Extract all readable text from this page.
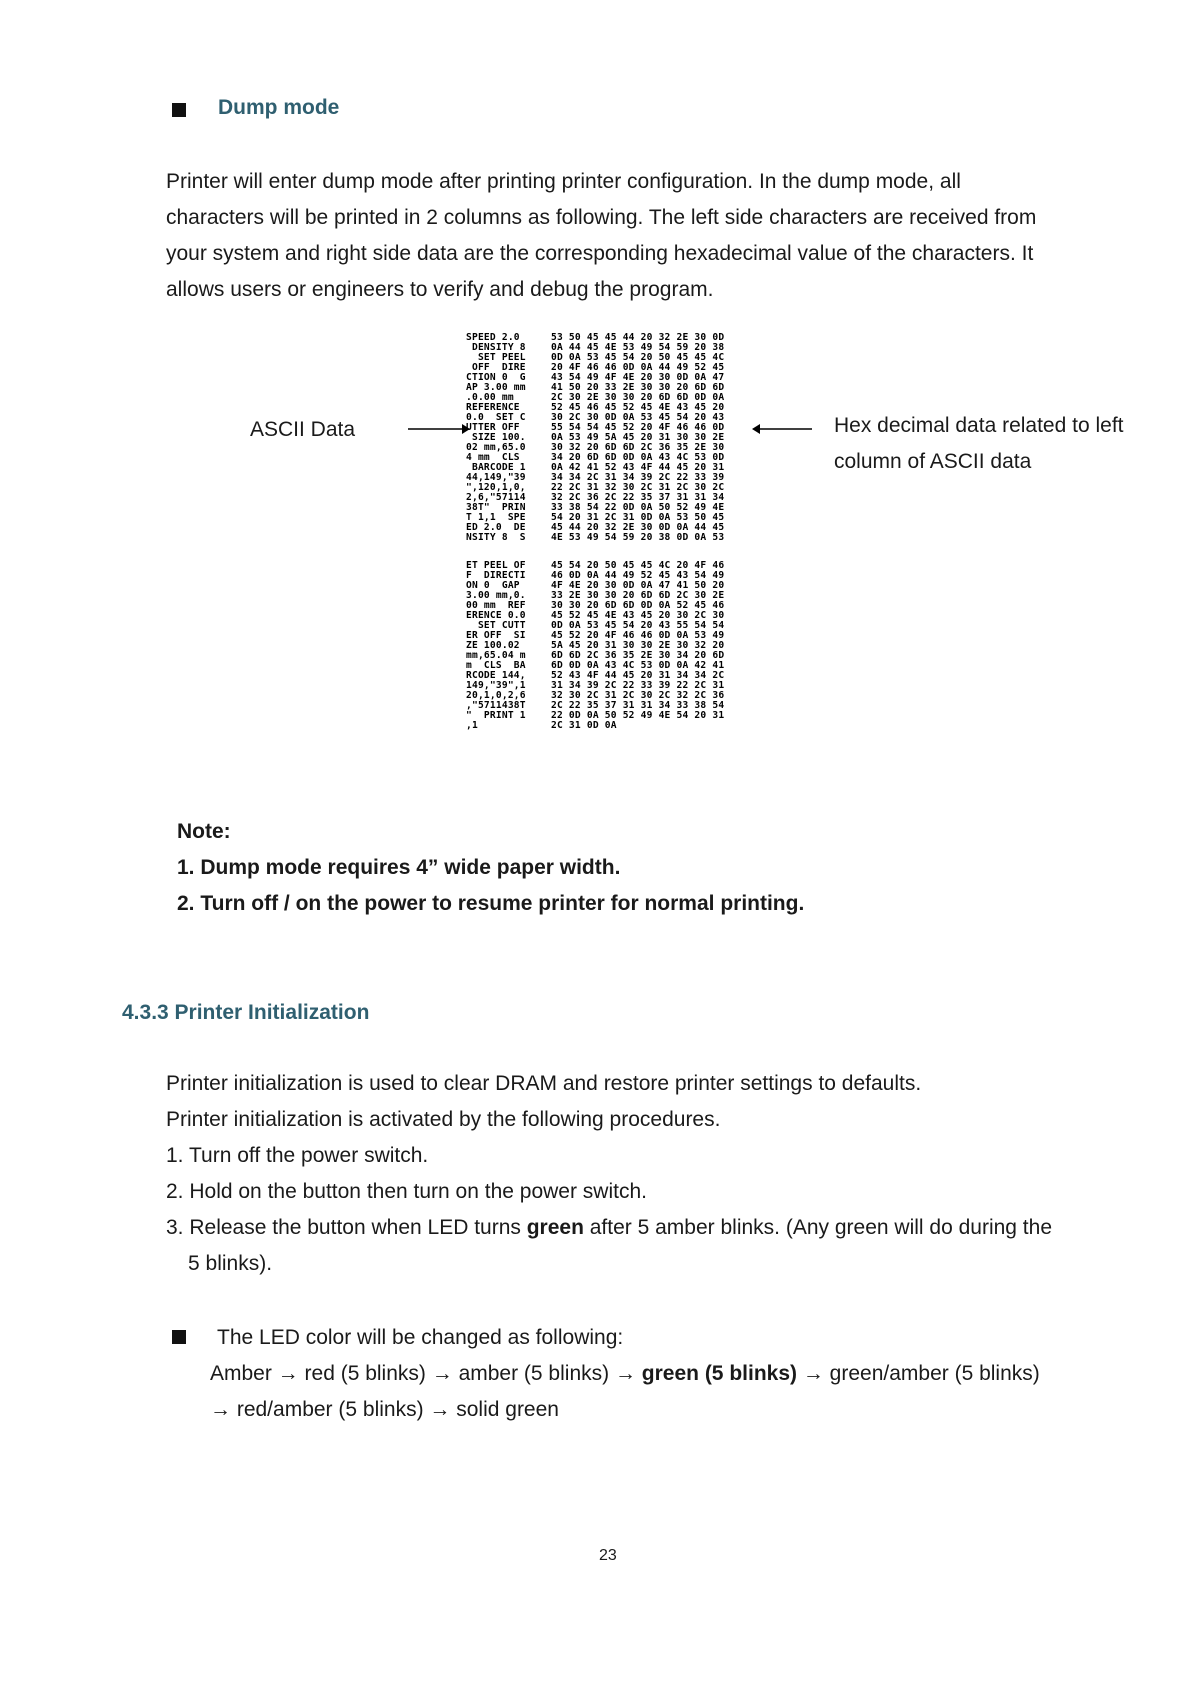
Dump mode
Printer will enter dump mode after printing printer configuration. In the dump mode, all
characters will be printed in 2 columns as following. The left side characters are received from
your system and right side data are the corresponding hexadecimal value of the characters. It
allows users or engineers to verify and debug the program.
ASCII Data	Hex decimal data related to left
column of ASCII data
SPEED 2.0
DENSITY 8
SET PEEL
OFF  DIRE
CTION 0  G
AP 3.00 mm
.0.00 mm
REFERENCE
0.0  SET C
UTTER OFF
SIZE 100.
02 mm,65.0
4 mm  CLS
BARCODE 1
44,149,"39
",120,1,0,
2,6,"57114
38T"  PRIN
T 1,1  SPE
ED 2.0  DE
NSITY 8  S
53 50 45 45 44 20 32 2E 30 0D
0A 44 45 4E 53 49 54 59 20 38
0D 0A 53 45 54 20 50 45 45 4C
20 4F 46 46 0D 0A 44 49 52 45
43 54 49 4F 4E 20 30 0D 0A 47
41 50 20 33 2E 30 30 20 6D 6D
2C 30 2E 30 30 20 6D 6D 0D 0A
52 45 46 45 52 45 4E 43 45 20
30 2C 30 0D 0A 53 45 54 20 43
55 54 54 45 52 20 4F 46 46 0D
0A 53 49 5A 45 20 31 30 30 2E
30 32 20 6D 6D 2C 36 35 2E 30
34 20 6D 6D 0D 0A 43 4C 53 0D
0A 42 41 52 43 4F 44 45 20 31
34 34 2C 31 34 39 2C 22 33 39
22 2C 31 32 30 2C 31 2C 30 2C
32 2C 36 2C 22 35 37 31 31 34
33 38 54 22 0D 0A 50 52 49 4E
54 20 31 2C 31 0D 0A 53 50 45
45 44 20 32 2E 30 0D 0A 44 45
4E 53 49 54 59 20 38 0D 0A 53
ET PEEL OF
F  DIRECTI
ON 0  GAP
3.00 mm,0.
00 mm  REF
ERENCE 0.0
SET CUTT
ER OFF  SI
ZE 100.02
mm,65.04 m
m  CLS  BA
RCODE 144,
149,"39",1
20,1,0,2,6
,"5711438T
"  PRINT 1
,1
45 54 20 50 45 45 4C 20 4F 46
46 0D 0A 44 49 52 45 43 54 49
4F 4E 20 30 0D 0A 47 41 50 20
33 2E 30 30 20 6D 6D 2C 30 2E
30 30 20 6D 6D 0D 0A 52 45 46
45 52 45 4E 43 45 20 30 2C 30
0D 0A 53 45 54 20 43 55 54 54
45 52 20 4F 46 46 0D 0A 53 49
5A 45 20 31 30 30 2E 30 32 20
6D 6D 2C 36 35 2E 30 34 20 6D
6D 0D 0A 43 4C 53 0D 0A 42 41
52 43 4F 44 45 20 31 34 34 2C
31 34 39 2C 22 33 39 22 2C 31
32 30 2C 31 2C 30 2C 32 2C 36
2C 22 35 37 31 31 34 33 38 54
22 0D 0A 50 52 49 4E 54 20 31
2C 31 0D 0A
Note:
1. Dump mode requires 4” wide paper width.
2. Turn off / on the power to resume printer for normal printing.
4.3.3 Printer Initialization
Printer initialization is used to clear DRAM and restore printer settings to defaults.
Printer initialization is activated by the following procedures.
1. Turn off the power switch.
2. Hold on the button then turn on the power switch.
3. Release the button when LED turns green after 5 amber blinks. (Any green will do during the
5 blinks).
The LED color will be changed as following:
Amber → red (5 blinks) → amber (5 blinks) → green (5 blinks) → green/amber (5 blinks)
→ red/amber (5 blinks) → solid green
23
